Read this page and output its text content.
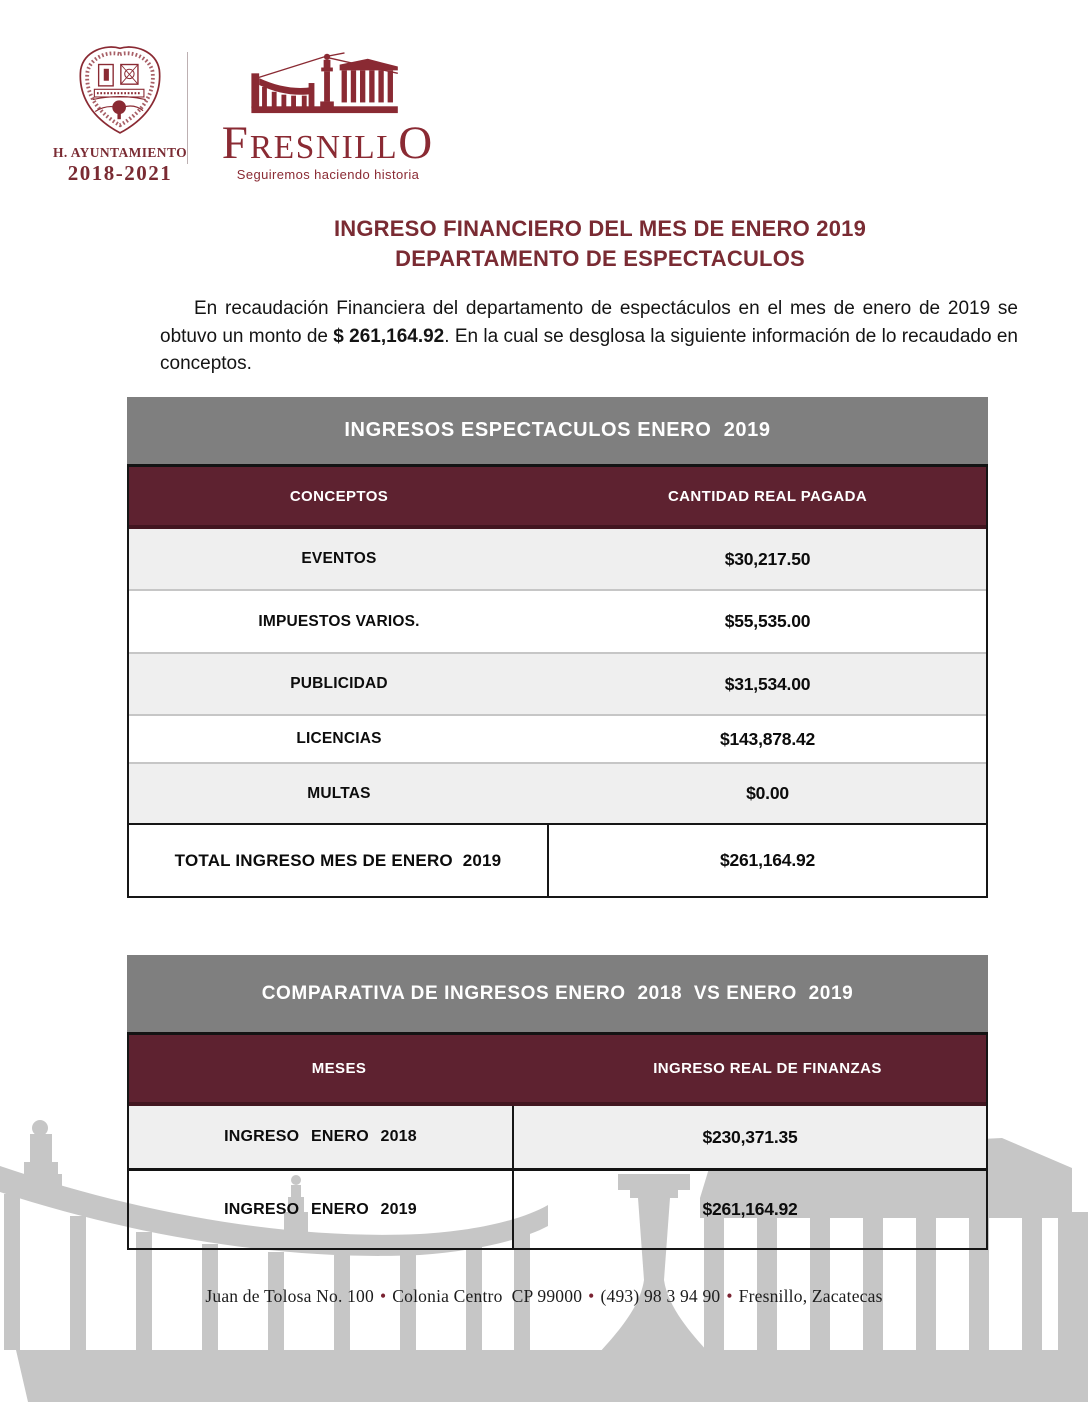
H. AYUNTAMIENTO
2018-2021
FRESNILLO
Seguiremos haciendo historia
INGRESO FINANCIERO DEL MES DE ENERO 2019
DEPARTAMENTO DE ESPECTACULOS

En recaudación Financiera del departamento de espectáculos en el mes de enero de 2019 se obtuvo un monto de $ 261,164.92. En la cual se desglosa la siguiente información de lo recaudado en conceptos.

INGRESOS ESPECTACULOS ENERO  2019
CONCEPTOS	CANTIDAD REAL PAGADA
EVENTOS	$30,217.50
IMPUESTOS VARIOS.	$55,535.00
PUBLICIDAD	$31,534.00
LICENCIAS	$143,878.42
MULTAS	$0.00
TOTAL INGRESO MES DE ENERO  2019	$261,164.92
COMPARATIVA DE INGRESOS ENERO  2018  VS ENERO  2019
MESES	INGRESO REAL DE FINANZAS
INGRESO ENERO 2018	$230,371.35
INGRESO ENERO 2019	$261,164.92
Juan de Tolosa No. 100 • Colonia Centro  CP 99000 • (493) 98 3 94 90 • Fresnillo, Zacatecas
